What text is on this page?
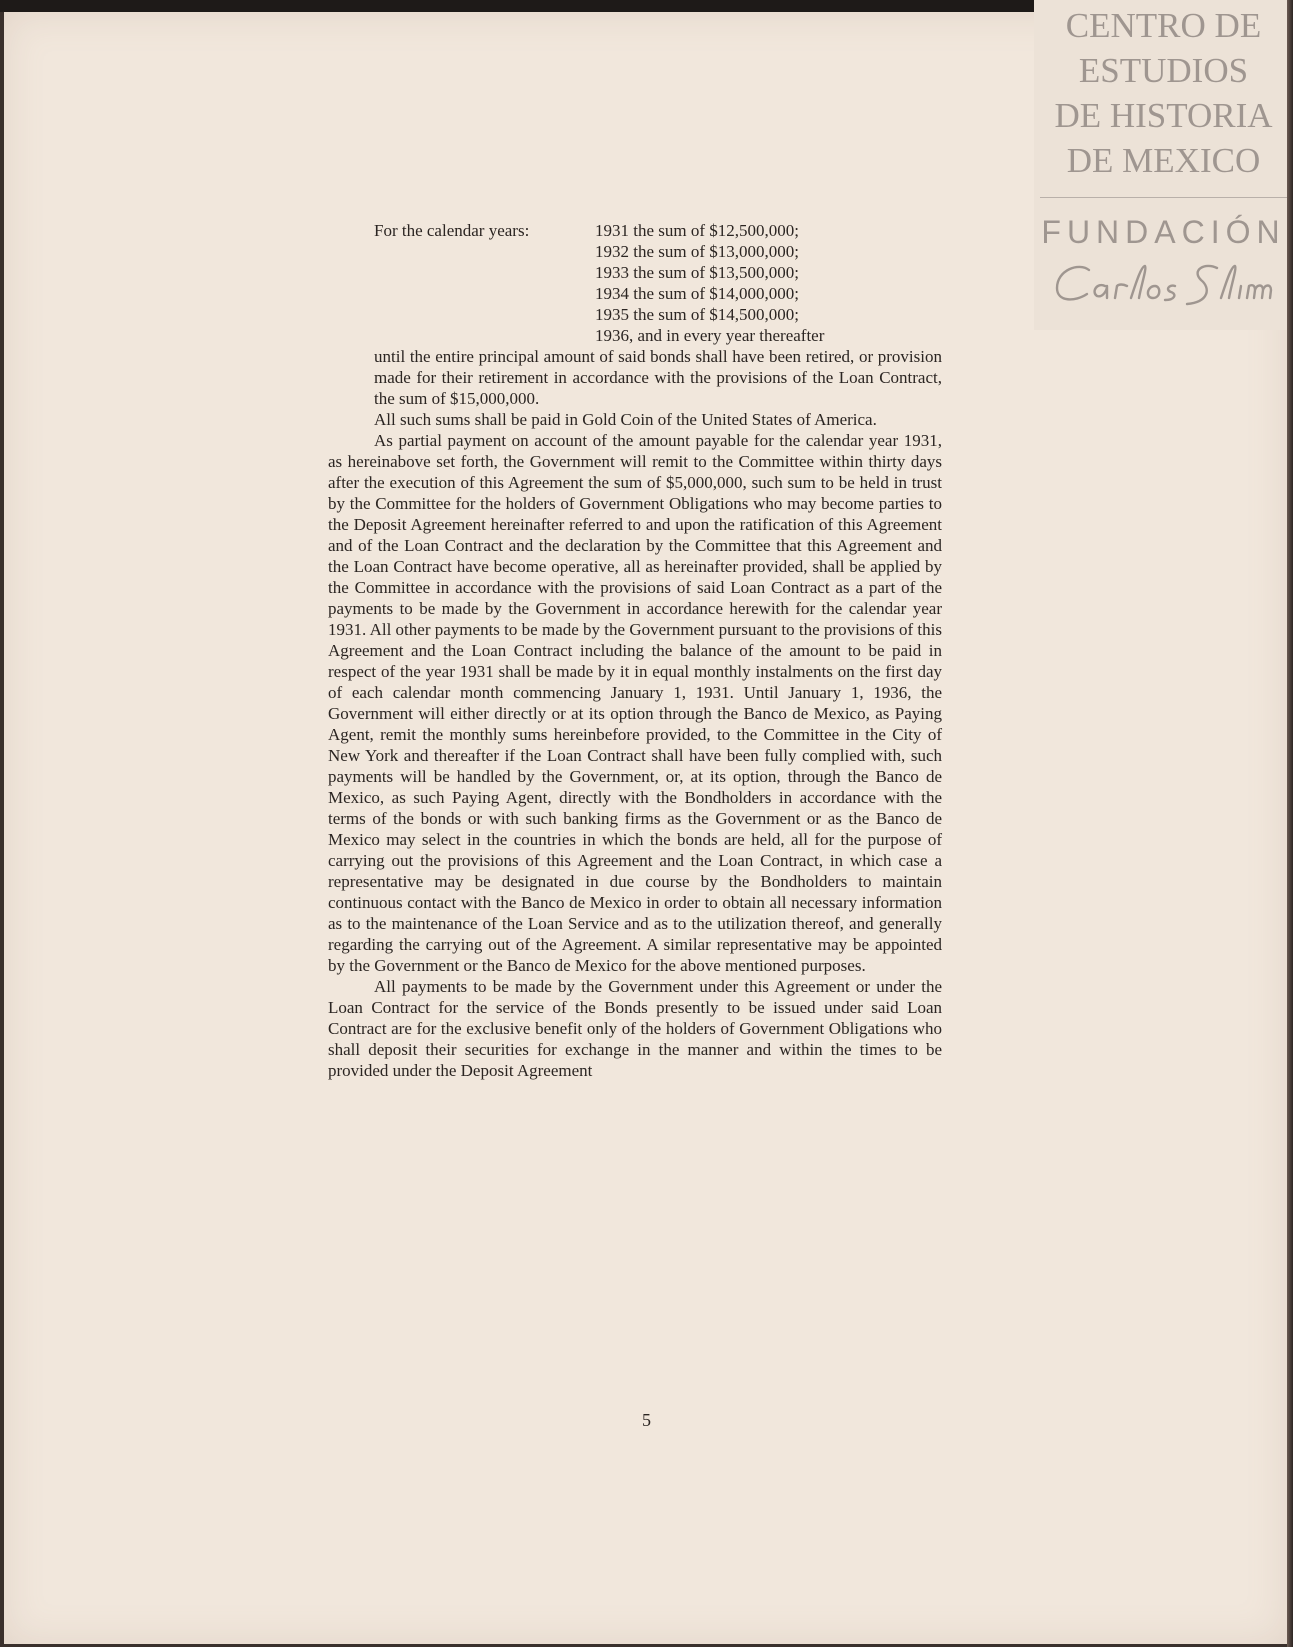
CENTRO DE
ESTUDIOS
DE HISTORIA
DE MEXICO
FUNDACIÓN
For the calendar years:	1931 the sum of $12,500,000;
1932 the sum of $13,000,000;
1933 the sum of $13,500,000;
1934 the sum of $14,000,000;
1935 the sum of $14,500,000;
1936, and in every year thereafter

until the entire principal amount of said bonds shall have been retired, or provision made for their retirement in accordance with the provisions of the Loan Contract, the sum of $15,000,000.

All such sums shall be paid in Gold Coin of the United States of America.

As partial payment on account of the amount payable for the calendar year 1931, as hereinabove set forth, the Government will remit to the Committee within thirty days after the execution of this Agreement the sum of $5,000,000, such sum to be held in trust by the Committee for the holders of Government Obligations who may become parties to the Deposit Agreement hereinafter referred to and upon the ratification of this Agreement and of the Loan Contract and the declaration by the Committee that this Agreement and the Loan Contract have become operative, all as hereinafter provided, shall be applied by the Committee in accordance with the provisions of said Loan Contract as a part of the payments to be made by the Government in accordance herewith for the calendar year 1931. All other payments to be made by the Government pursuant to the provisions of this Agreement and the Loan Contract including the balance of the amount to be paid in respect of the year 1931 shall be made by it in equal monthly instalments on the first day of each calendar month commencing January 1, 1931. Until January 1, 1936, the Government will either directly or at its option through the Banco de Mexico, as Paying Agent, remit the monthly sums hereinbefore provided, to the Committee in the City of New York and thereafter if the Loan Contract shall have been fully complied with, such payments will be handled by the Government, or, at its option, through the Banco de Mexico, as such Paying Agent, directly with the Bondholders in accordance with the terms of the bonds or with such banking firms as the Government or as the Banco de Mexico may select in the countries in which the bonds are held, all for the purpose of carrying out the provisions of this Agreement and the Loan Contract, in which case a representative may be designated in due course by the Bondholders to maintain continuous contact with the Banco de Mexico in order to obtain all necessary information as to the maintenance of the Loan Service and as to the utilization thereof, and generally regarding the carrying out of the Agreement. A similar representative may be appointed by the Government or the Banco de Mexico for the above mentioned purposes.

All payments to be made by the Government under this Agreement or under the Loan Contract for the service of the Bonds presently to be issued under said Loan Contract are for the exclusive benefit only of the holders of Government Obligations who shall deposit their securities for exchange in the manner and within the times to be provided under the Deposit Agreement

5
